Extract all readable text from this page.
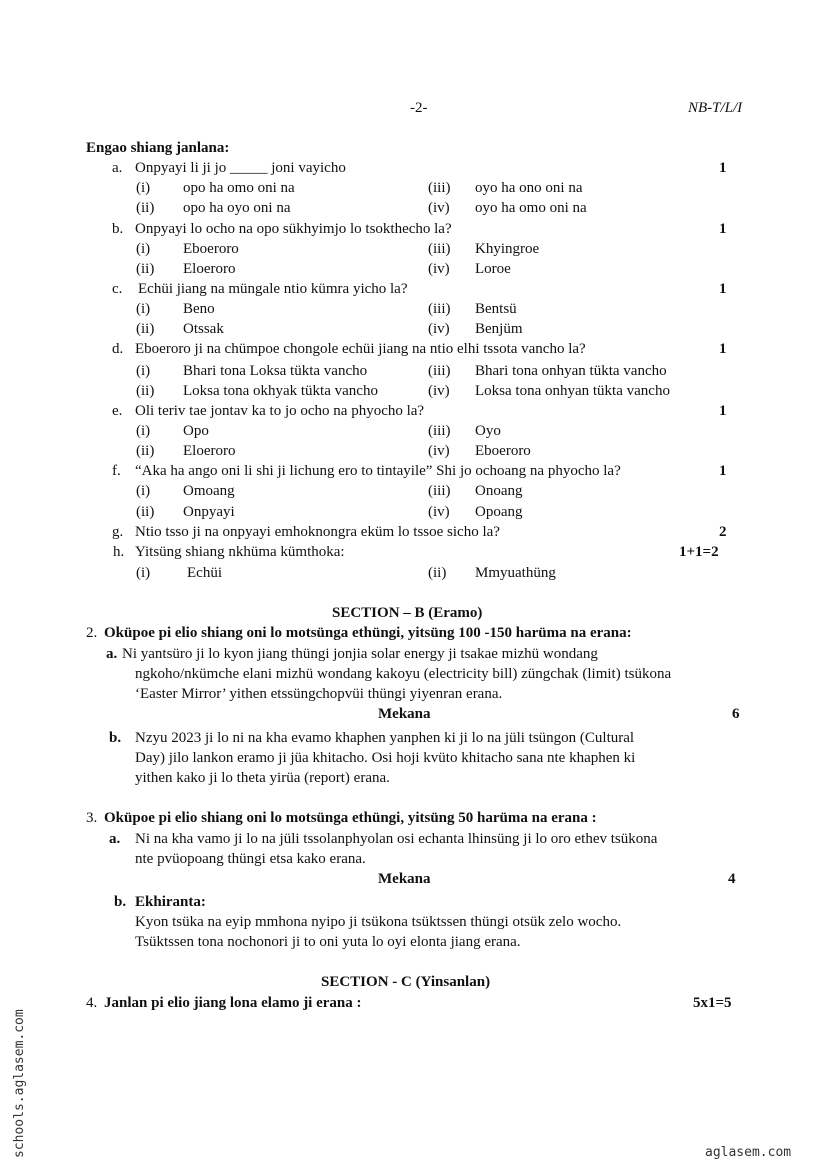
-2-	NB-T/L/I
Engao shiang janlana:
a. Onpyayi li ji jo _____ joni vayicho	1
(i) opo ha omo oni na	(iii) oyo ha ono oni na
(ii) opo ha oyo oni na	(iv) oyo ha omo oni na
b. Onpyayi lo ocho na opo sükhyimjo lo tsokthecho la?	1
(i) Eboeroro	(iii) Khyingroe
(ii) Eloeroro	(iv) Loroe
c. Echüi jiang na müngale ntio kümra yicho la?	1
(i) Beno	(iii) Bentsü
(ii) Otssak	(iv) Benjüm
d. Eboeroro ji na chümpoe chongole echüi jiang na ntio elhi tssota vancho la?	1
(i) Bhari tona Loksa tükta vancho	(iii) Bhari tona onhyan tükta vancho
(ii) Loksa tona okhyak tükta vancho	(iv) Loksa tona onhyan tükta vancho
e. Oli teriv tae jontav ka to jo ocho na phyocho la?	1
(i) Opo	(iii) Oyo
(ii) Eloeroro	(iv) Eboeroro
f. “Aka ha ango oni li shi ji lichung ero to tintayile” Shi jo ochoang na phyocho la?	1
(i) Omoang	(iii) Onoang
(ii) Onpyayi	(iv) Opoang
g. Ntio tsso ji na onpyayi emhoknongra eküm lo tssoe sicho la?	2
h. Yitsüng shiang nkhüma kümthoka:	1+1=2
(i) Echüi	(ii) Mmyuathüng
SECTION – B (Eramo)
2. Oküpoe pi elio shiang oni lo motsünga ethüngi, yitsüng 100 -150 harüma na erana:
a. Ni yantsüro ji lo kyon jiang thüngi jonjia solar energy ji tsakae mizhü wondang
ngkoho/nkümche elani mizhü wondang kakoyu (electricity bill) züngchak (limit) tsükona
‘Easter Mirror’ yithen etssüngchopvüi thüngi yiyenran erana.
Mekana	6
b. Nzyu 2023 ji lo ni na kha evamo khaphen yanphen ki ji lo na jüli tsüngon (Cultural
Day) jilo lankon eramo ji jüa khitacho. Osi hoji kvüto khitacho sana nte khaphen ki
yithen kako ji lo theta yirüa (report) erana.
3. Oküpoe pi elio shiang oni lo motsünga ethüngi, yitsüng 50 harüma na erana :
a. Ni na kha vamo ji lo na jüli tssolanphyolan osi echanta lhinsüng ji lo oro ethev tsükona
nte pvüopoang thüngi etsa kako erana.
Mekana	4
b. Ekhiranta:
Kyon tsüka na eyip mmhona nyipo ji tsükona tsüktssen thüngi otsük zelo wocho.
Tsüktssen tona nochonori ji to oni yuta lo oyi elonta jiang erana.
SECTION - C (Yinsanlan)
4. Janlan pi elio jiang lona elamo ji erana :	5x1=5
schools.aglasem.com	aglasem.com
